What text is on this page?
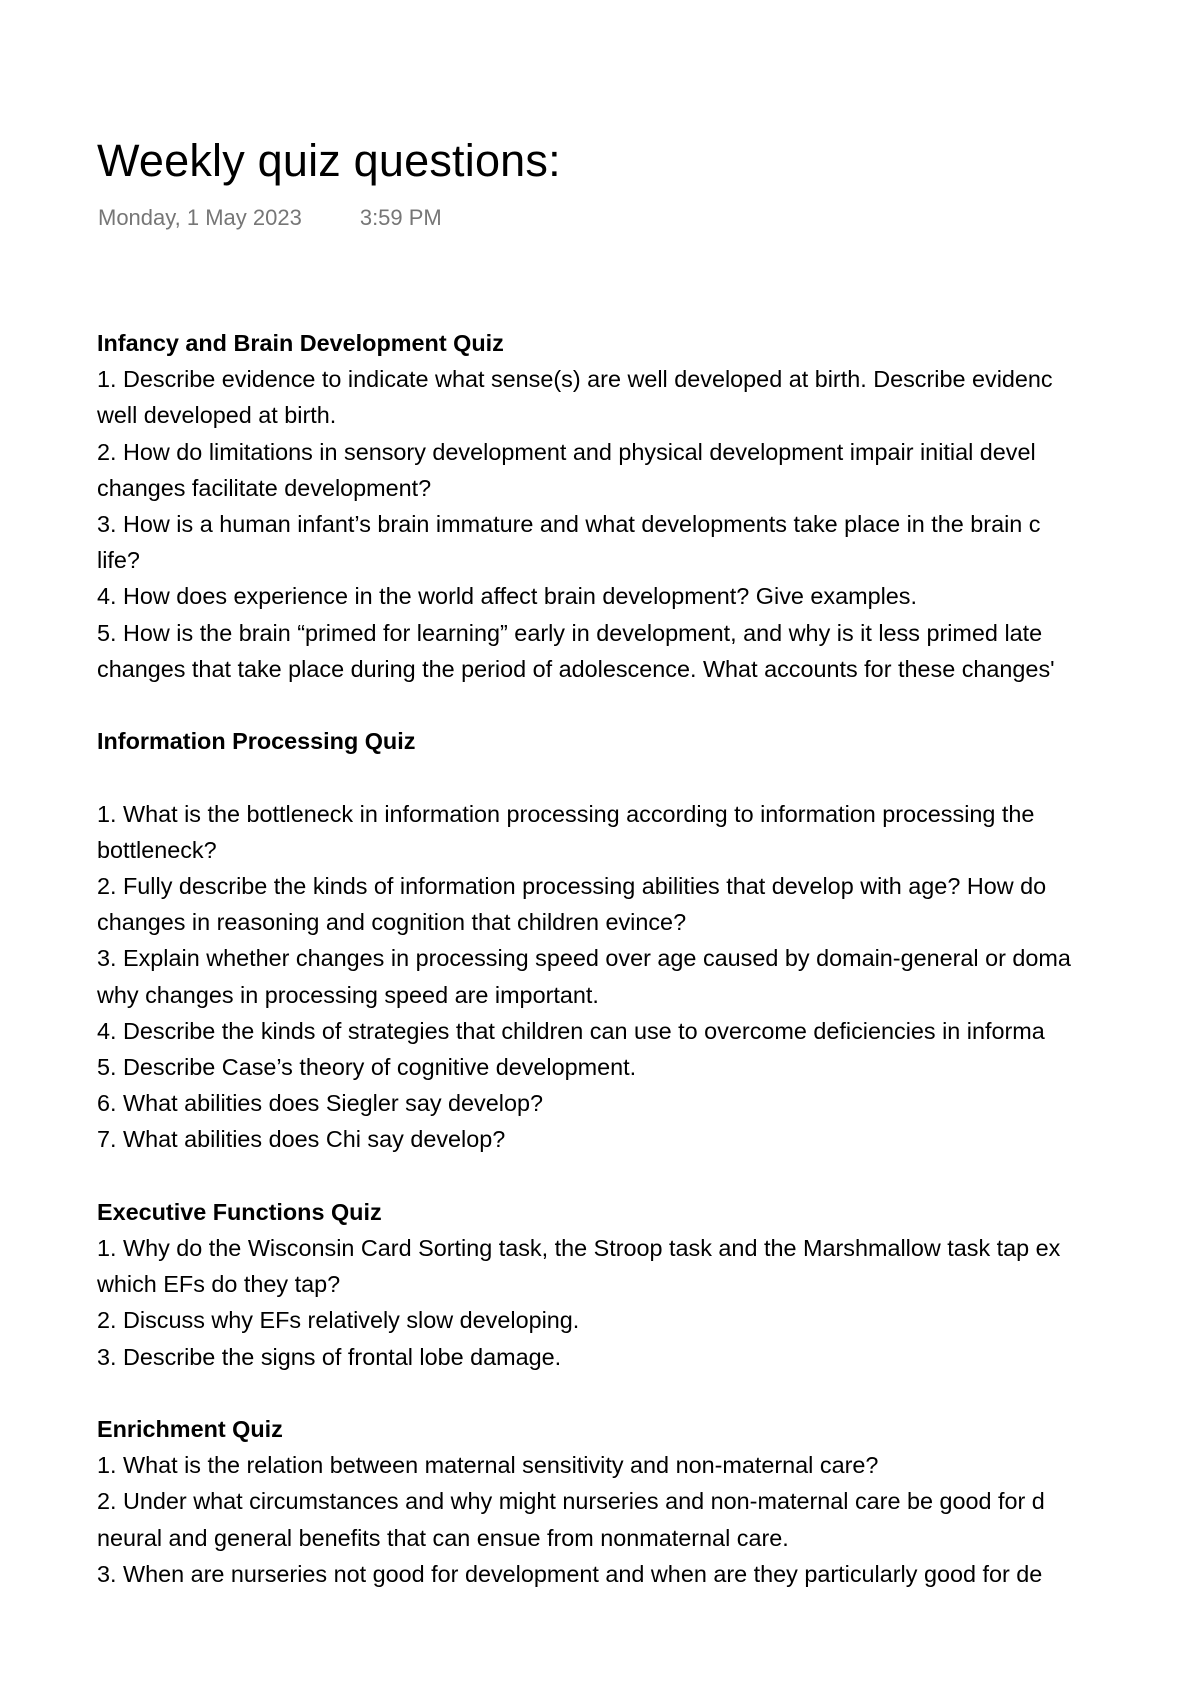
Weekly quiz questions:
Monday, 1 May 2023	3:59 PM

Infancy and Brain Development Quiz

1. Describe evidence to indicate what sense(s) are well developed at birth. Describe evidenc

well developed at birth.

2. How do limitations in sensory development and physical development impair initial devel

changes facilitate development?

3. How is a human infant’s brain immature and what developments take place in the brain c

life?

4. How does experience in the world affect brain development? Give examples.

5. How is the brain “primed for learning” early in development, and why is it less primed late

changes that take place during the period of adolescence. What accounts for these changes'

Information Processing Quiz

1. What is the bottleneck in information processing according to information processing the

bottleneck?

2. Fully describe the kinds of information processing abilities that develop with age? How do

changes in reasoning and cognition that children evince?

3. Explain whether changes in processing speed over age caused by domain-general or doma

why changes in processing speed are important.

4. Describe the kinds of strategies that children can use to overcome deficiencies in informa

5. Describe Case’s theory of cognitive development.

6. What abilities does Siegler say develop?

7. What abilities does Chi say develop?

Executive Functions Quiz

1. Why do the Wisconsin Card Sorting task, the Stroop task and the Marshmallow task tap ex

which EFs do they tap?

2. Discuss why EFs relatively slow developing.

3. Describe the signs of frontal lobe damage.

Enrichment Quiz

1. What is the relation between maternal sensitivity and non-maternal care?

2. Under what circumstances and why might nurseries and non-maternal care be good for d

neural and general benefits that can ensue from nonmaternal care.

3. When are nurseries not good for development and when are they particularly good for de
